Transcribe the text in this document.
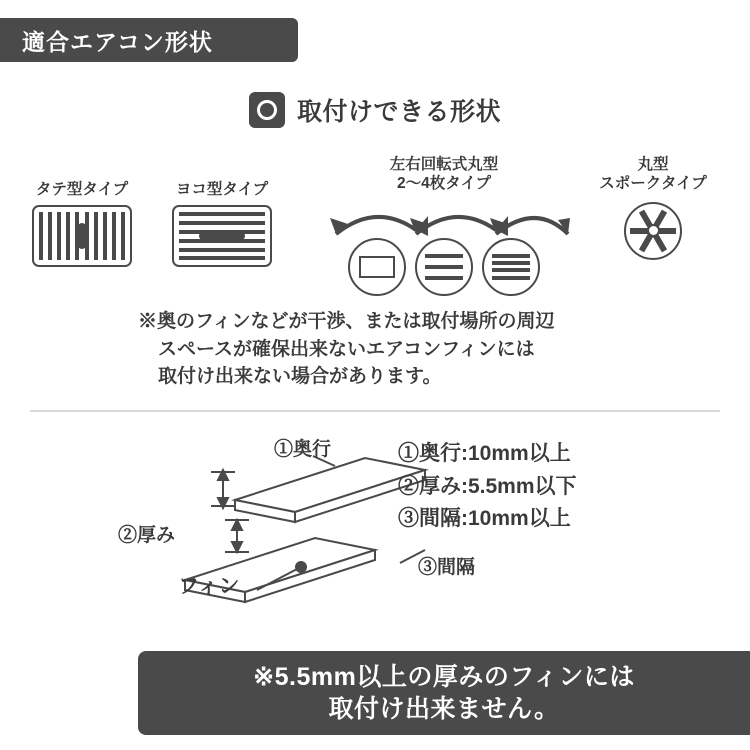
適合エアコン形状
取付けできる形状
タテ型タイプ	ヨコ型タイプ
左右回転式丸型
2～4枚タイプ
丸型
スポークタイプ
※奥のフィンなどが干渉、または取付場所の周辺
スペースが確保出来ないエアコンフィンには
取付け出来ない場合があります。
①奥行
②厚み
③間隔
フィン
①奥行:10mm以上
②厚み:5.5mm以下
③間隔:10mm以上
※5.5mm以上の厚みのフィンには
取付け出来ません。
